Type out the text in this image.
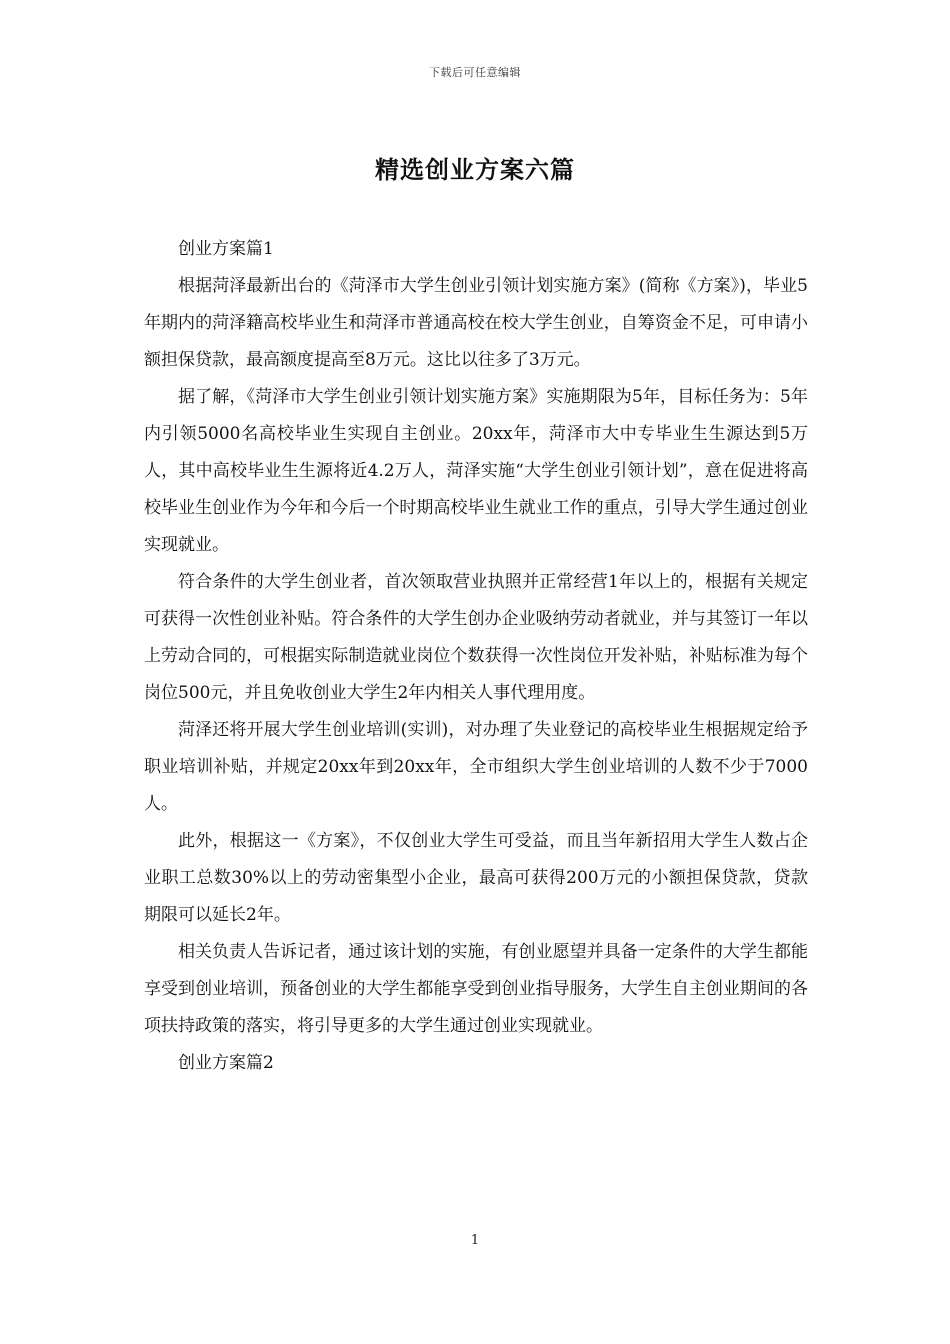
下载后可任意编辑
精选创业方案六篇

创业方案篇1

根据菏泽最新出台的《菏泽市大学生创业引领计划实施方案》(简称《方案》)，毕业5年期内的菏泽籍高校毕业生和菏泽市普通高校在校大学生创业，自筹资金不足，可申请小额担保贷款，最高额度提高至8万元。这比以往多了3万元。

据了解，《菏泽市大学生创业引领计划实施方案》实施期限为5年，目标任务为：5年内引领5000名高校毕业生实现自主创业。20xx年，菏泽市大中专毕业生生源达到5万人，其中高校毕业生生源将近4.2万人，菏泽实施“大学生创业引领计划”，意在促进将高校毕业生创业作为今年和今后一个时期高校毕业生就业工作的重点，引导大学生通过创业实现就业。

符合条件的大学生创业者，首次领取营业执照并正常经营1年以上的，根据有关规定可获得一次性创业补贴。符合条件的大学生创办企业吸纳劳动者就业，并与其签订一年以上劳动合同的，可根据实际制造就业岗位个数获得一次性岗位开发补贴，补贴标准为每个岗位500元，并且免收创业大学生2年内相关人事代理用度。

菏泽还将开展大学生创业培训(实训)，对办理了失业登记的高校毕业生根据规定给予职业培训补贴，并规定20xx年到20xx年，全市组织大学生创业培训的人数不少于7000人。

此外，根据这一《方案》，不仅创业大学生可受益，而且当年新招用大学生人数占企业职工总数30%以上的劳动密集型小企业，最高可获得200万元的小额担保贷款，贷款期限可以延长2年。

相关负责人告诉记者，通过该计划的实施，有创业愿望并具备一定条件的大学生都能享受到创业培训，预备创业的大学生都能享受到创业指导服务，大学生自主创业期间的各项扶持政策的落实，将引导更多的大学生通过创业实现就业。

创业方案篇2

1
